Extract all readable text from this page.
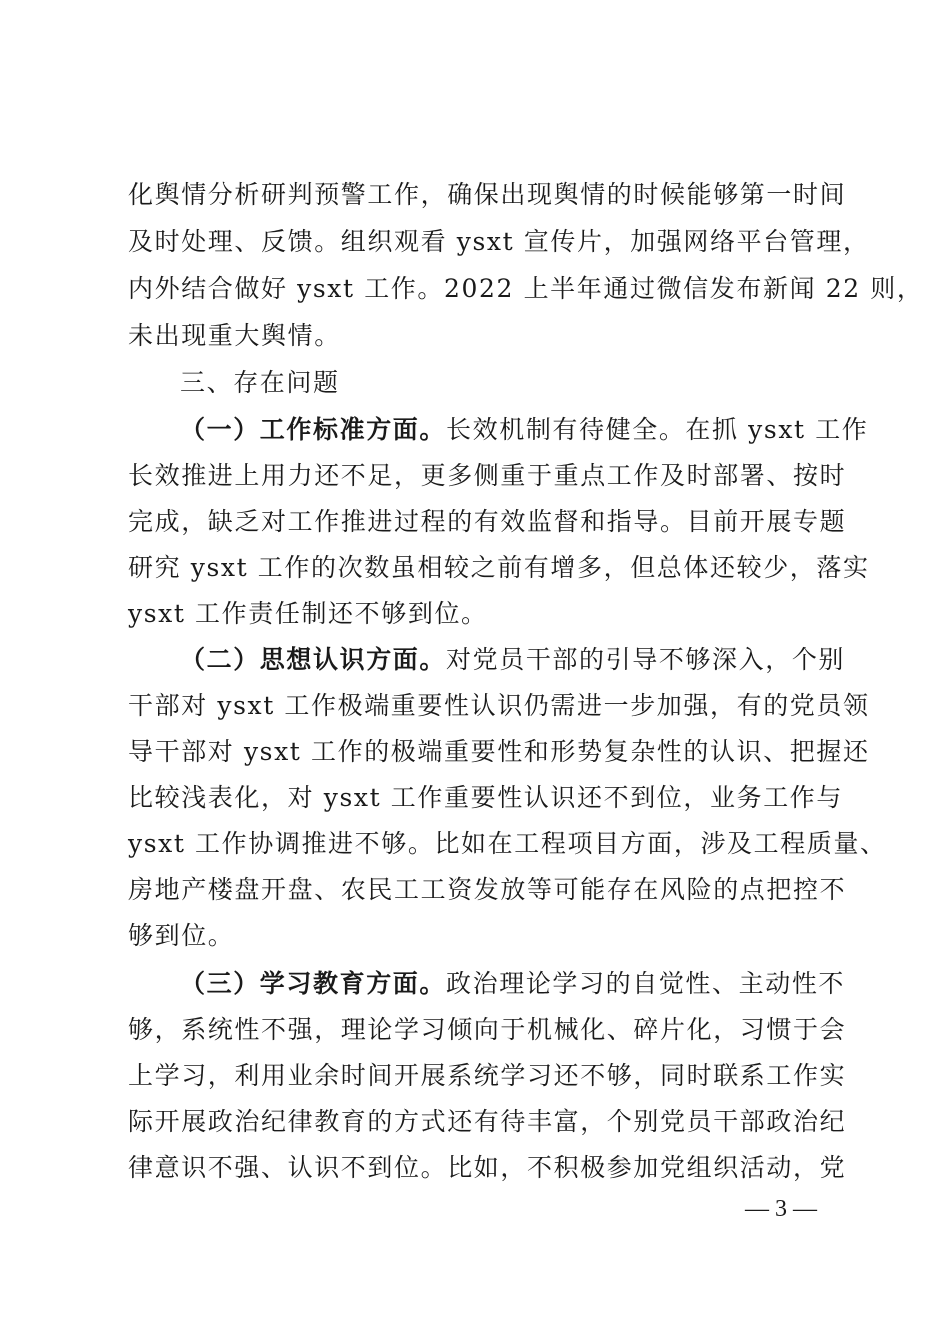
化舆情分析研判预警工作，确保出现舆情的时候能够第一时间
及时处理、反馈。组织观看 ysxt 宣传片，加强网络平台管理，
内外结合做好 ysxt 工作。2022 上半年通过微信发布新闻 22 则，
未出现重大舆情。
三、存在问题
（一）工作标准方面。长效机制有待健全。在抓 ysxt 工作
长效推进上用力还不足，更多侧重于重点工作及时部署、按时
完成，缺乏对工作推进过程的有效监督和指导。目前开展专题
研究 ysxt 工作的次数虽相较之前有增多，但总体还较少，落实
ysxt 工作责任制还不够到位。
（二）思想认识方面。对党员干部的引导不够深入，个别
干部对 ysxt 工作极端重要性认识仍需进一步加强，有的党员领
导干部对 ysxt 工作的极端重要性和形势复杂性的认识、把握还
比较浅表化，对 ysxt 工作重要性认识还不到位，业务工作与
ysxt 工作协调推进不够。比如在工程项目方面，涉及工程质量、
房地产楼盘开盘、农民工工资发放等可能存在风险的点把控不
够到位。
（三）学习教育方面。政治理论学习的自觉性、主动性不
够，系统性不强，理论学习倾向于机械化、碎片化，习惯于会
上学习，利用业余时间开展系统学习还不够，同时联系工作实
际开展政治纪律教育的方式还有待丰富，个别党员干部政治纪
律意识不强、认识不到位。比如，不积极参加党组织活动，党
— 3 —
